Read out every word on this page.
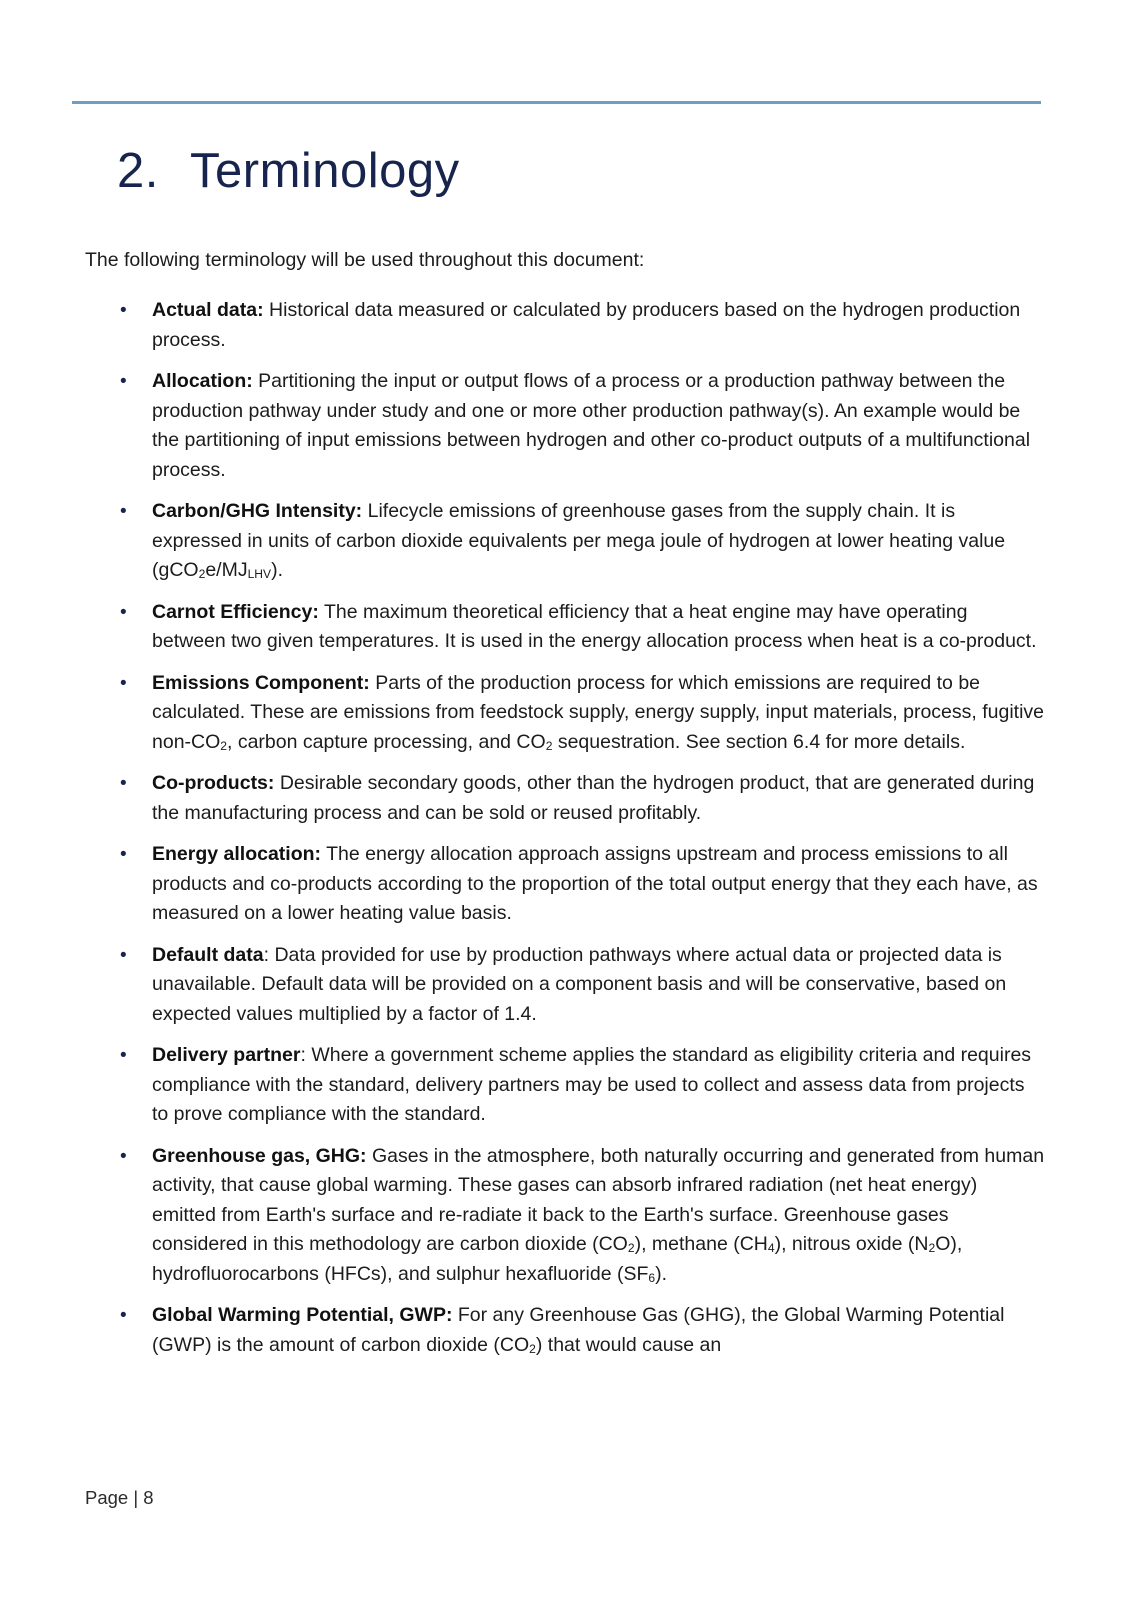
2. Terminology

The following terminology will be used throughout this document:

•	Actual data: Historical data measured or calculated by producers based on the hydrogen production process.
•	Allocation: Partitioning the input or output flows of a process or a production pathway between the production pathway under study and one or more other production pathway(s). An example would be the partitioning of input emissions between hydrogen and other co-product outputs of a multifunctional process.
•	Carbon/GHG Intensity: Lifecycle emissions of greenhouse gases from the supply chain. It is expressed in units of carbon dioxide equivalents per mega joule of hydrogen at lower heating value $(gCO_2e/MJ_{LHV})$.
•	Carnot Efficiency: The maximum theoretical efficiency that a heat engine may have operating between two given temperatures. It is used in the energy allocation process when heat is a co-product.
•	Emissions Component: Parts of the production process for which emissions are required to be calculated. These are emissions from feedstock supply, energy supply, input materials, process, fugitive non-$CO_2$, carbon capture processing, and $CO_2$ sequestration. See section 6.4 for more details.
•	Co-products: Desirable secondary goods, other than the hydrogen product, that are generated during the manufacturing process and can be sold or reused profitably.
•	Energy allocation: The energy allocation approach assigns upstream and process emissions to all products and co-products according to the proportion of the total output energy that they each have, as measured on a lower heating value basis.
•	Default data: Data provided for use by production pathways where actual data or projected data is unavailable. Default data will be provided on a component basis and will be conservative, based on expected values multiplied by a factor of 1.4.
•	Delivery partner: Where a government scheme applies the standard as eligibility criteria and requires compliance with the standard, delivery partners may be used to collect and assess data from projects to prove compliance with the standard.
•	Greenhouse gas, GHG: Gases in the atmosphere, both naturally occurring and generated from human activity, that cause global warming. These gases can absorb infrared radiation (net heat energy) emitted from Earth's surface and re-radiate it back to the Earth's surface. Greenhouse gases considered in this methodology are carbon dioxide $(CO_2)$, methane $(CH_4)$, nitrous oxide $(N_2O)$, hydrofluorocarbons (HFCs), and sulphur hexafluoride $(SF_6)$.
•	Global Warming Potential, GWP: For any Greenhouse Gas (GHG), the Global Warming Potential (GWP) is the amount of carbon dioxide $(CO_2)$ that would cause an
Page | 8
